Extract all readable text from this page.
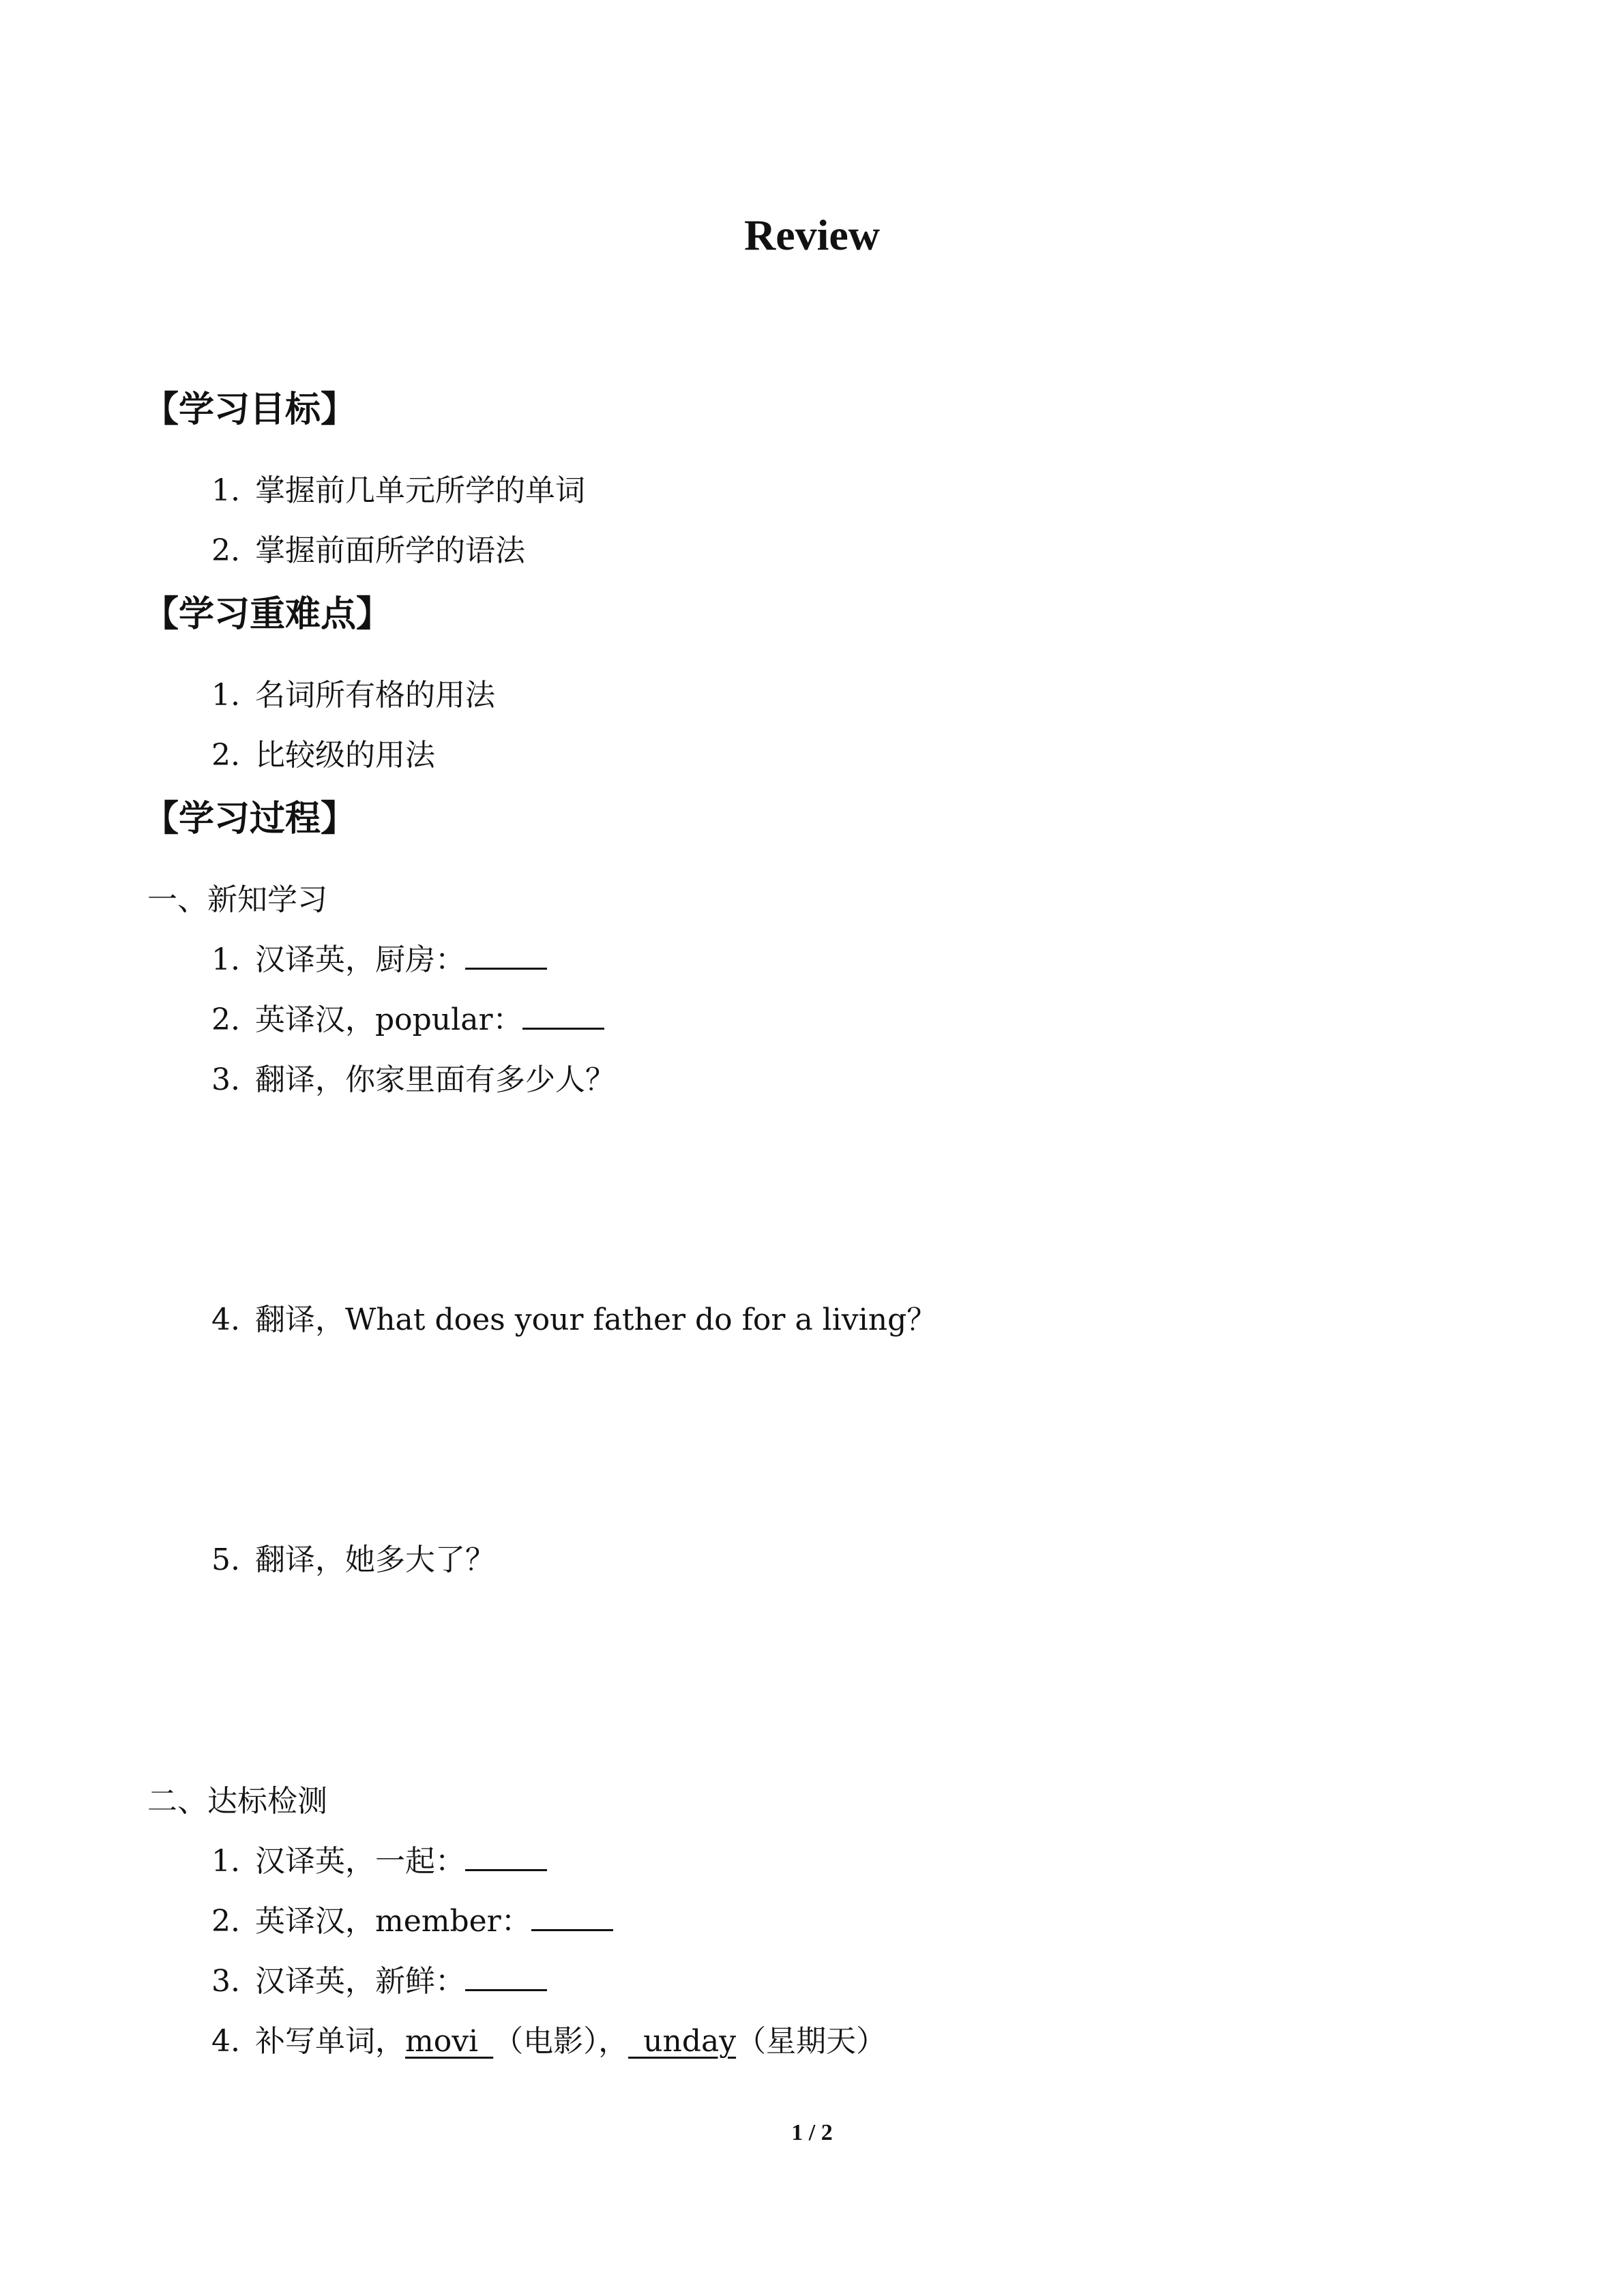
Review
【学习目标】
1. 掌握前几单元所学的单词
2. 掌握前面所学的语法
【学习重难点】
1. 名词所有格的用法
2. 比较级的用法
【学习过程】
一、新知学习
1. 汉译英，厨房：
2. 英译汉，popular：
3. 翻译，你家里面有多少人？
4. 翻译，What does your father do for a living？
5. 翻译，她多大了？
二、达标检测
1. 汉译英，一起：
2. 英译汉，member：
3. 汉译英，新鲜：
4. 补写单词，movi_（电影），_unday（星期天）
1 / 2
